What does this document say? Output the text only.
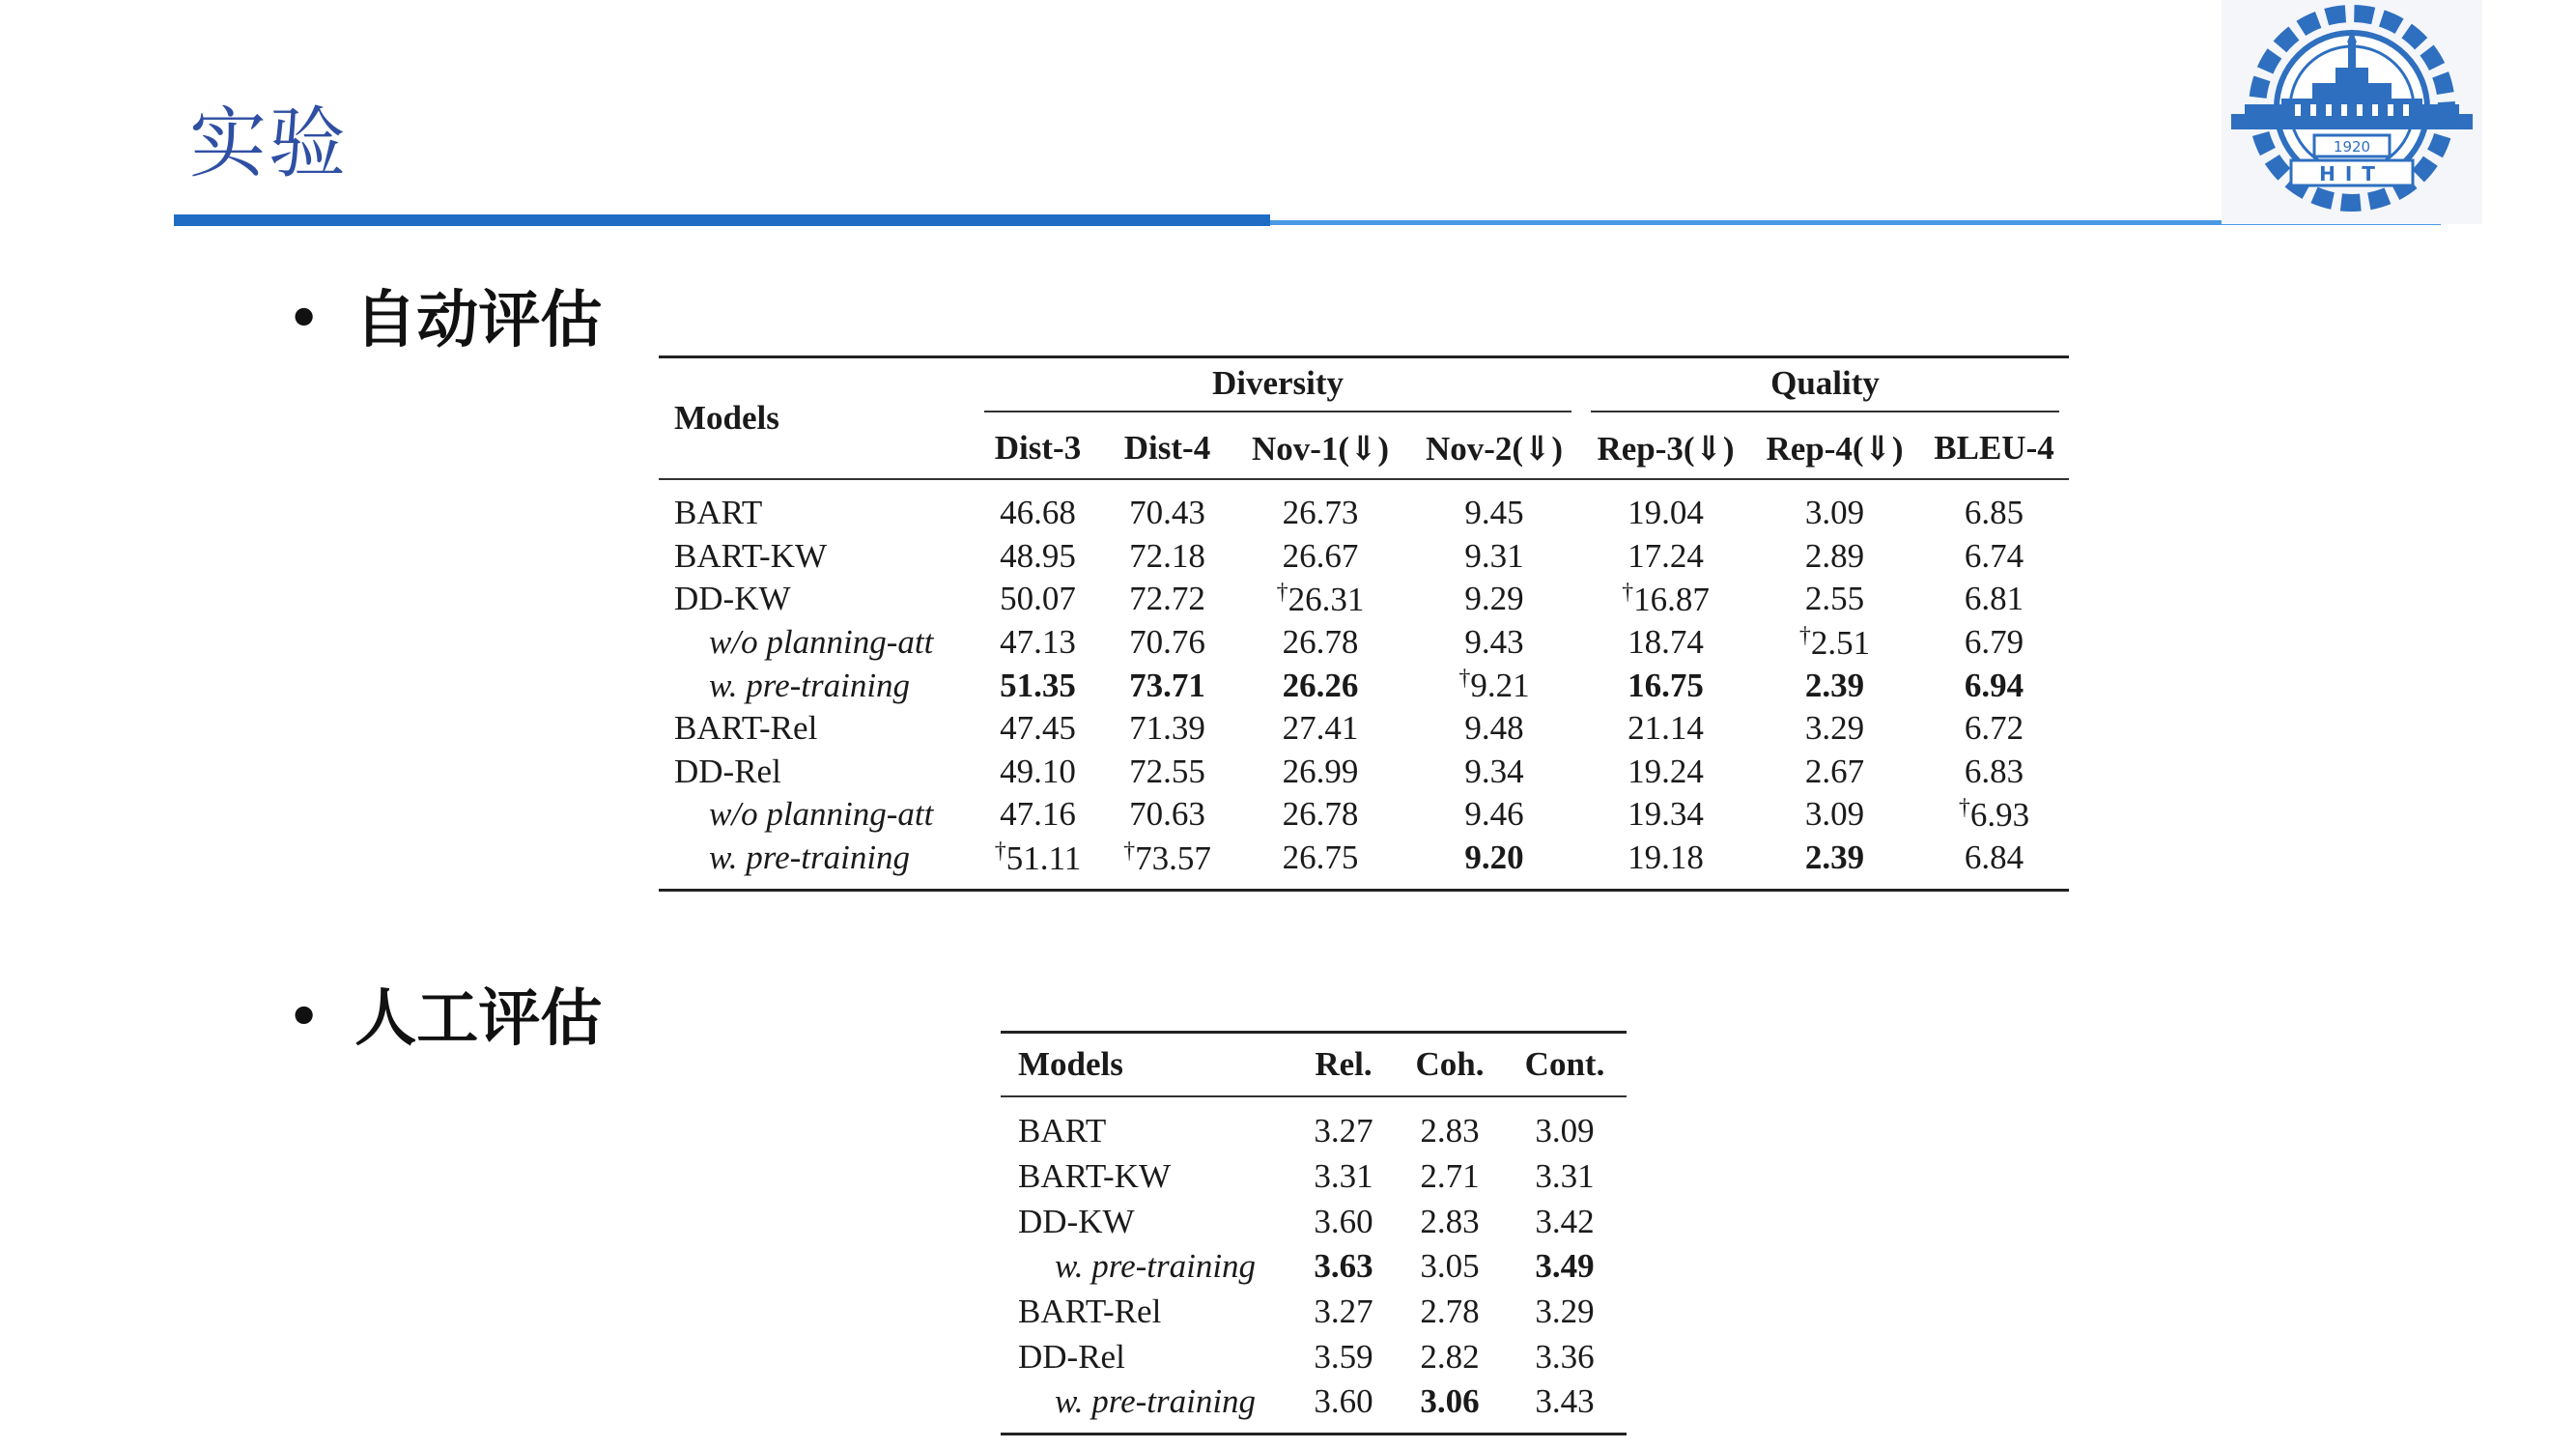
实验	1920
HIT
• 自动评估
Models	Diversity				Quality		

	Dist-3	Dist-4	Nov-1(⇓)	Nov-2(⇓)	Rep-3(⇓)	Rep-4(⇓)	BLEU-4
BART	46.68	70.43	26.73	9.45	19.04	3.09	6.85
BART-KW	48.95	72.18	26.67	9.31	17.24	2.89	6.74
DD-KW	50.07	72.72	†26.31	9.29	†16.87	2.55	6.81
w/o planning-att	47.13	70.76	26.78	9.43	18.74	†2.51	6.79
w. pre-training	51.35	73.71	26.26	†9.21	16.75	2.39	6.94
BART-Rel	47.45	71.39	27.41	9.48	21.14	3.29	6.72
DD-Rel	49.10	72.55	26.99	9.34	19.24	2.67	6.83
w/o planning-att	47.16	70.63	26.78	9.46	19.34	3.09	†6.93
w. pre-training	†51.11	†73.57	26.75	9.20	19.18	2.39	6.84
• 人工评估
Models	Rel.	Coh.	Cont.
BART	3.27	2.83	3.09
BART-KW	3.31	2.71	3.31
DD-KW	3.60	2.83	3.42
w. pre-training	3.63	3.05	3.49
BART-Rel	3.27	2.78	3.29
DD-Rel	3.59	2.82	3.36
w. pre-training	3.60	3.06	3.43
